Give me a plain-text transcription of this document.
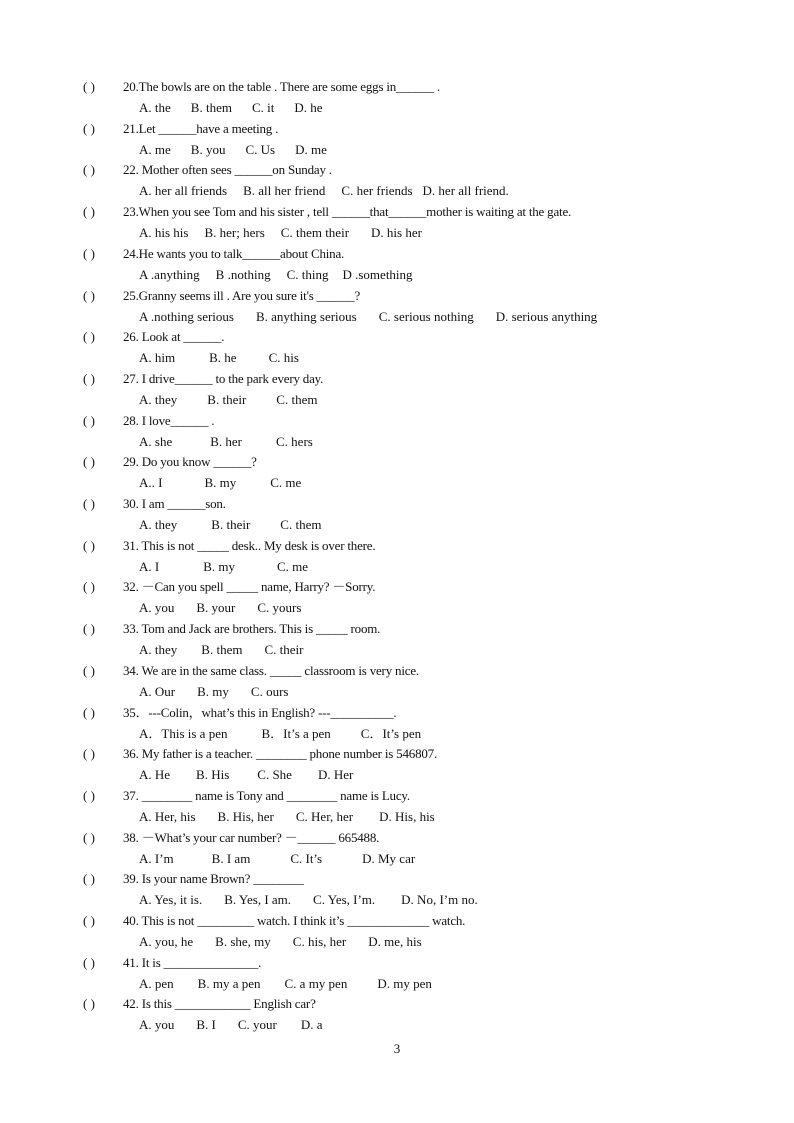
( ) 20.The bowls are on the table . There are some eggs in______ .
A. the B. them C. it D. he
( ) 21.Let ______have a meeting .
A. me B. you C. Us D. me
( ) 22. Mother often sees ______on Sunday .
A. her all friends B. all her friend C. her friends D. her all friend.
( ) 23.When you see Tom and his sister , tell ______that______mother is waiting at the gate.
A. his his B. her; hers C. them their D. his her
( ) 24.He wants you to talk______about China.
A .anything B .nothing C. thing D .something
( ) 25.Granny seems ill . Are you sure it's ______?
A .nothing serious B. anything serious C. serious nothing D. serious anything
( ) 26. Look at ______.
A. him	B. he C. his
( ) 27. I drive______ to the park every day.
A. they B. their C. them
( ) 28. I love______ .
A. she	B. her	C. hers
( ) 29. Do you know ______?
A.. I	B. my	C. me
( ) 30. I am ______son.
A. they	B. their C. them
( ) 31. This is not _____ desk.. My desk is over there.
A. I	B. my	C. me
( ) 32. －Can you spell _____ name, Harry? －Sorry.
A. you B. your C. yours
( ) 33. Tom and Jack are brothers. This is _____ room.
A. they B. them C. their
( ) 34. We are in the same class. _____ classroom is very nice.
A. Our B. my C. ours
( ) 35．---Colin，what’s this in English? ---__________.
A．This is a pen	B．It’s a pen C．It’s pen
( ) 36. My father is a teacher. ________ phone number is 546807.
A. He B. His C. She D. Her
( ) 37. ________ name is Tony and ________ name is Lucy.
A. Her, his B. His, her C. Her, her D. His, his
( ) 38. －What’s your car number? －______ 665488.
A. I’m	B. I am	C. It’s	D. My car
( ) 39. Is your name Brown? ________
A. Yes, it is. B. Yes, I am. C. Yes, I’m. D. No, I’m no.
( ) 40. This is not _________ watch. I think it’s _____________ watch.
A. you, he B. she, my C. his, her D. me, his
( ) 41. It is _______________.
A. pen B. my a pen C. a my pen D. my pen
( ) 42. Is this ____________ English car?
A. you B. I C. your D. a
3
